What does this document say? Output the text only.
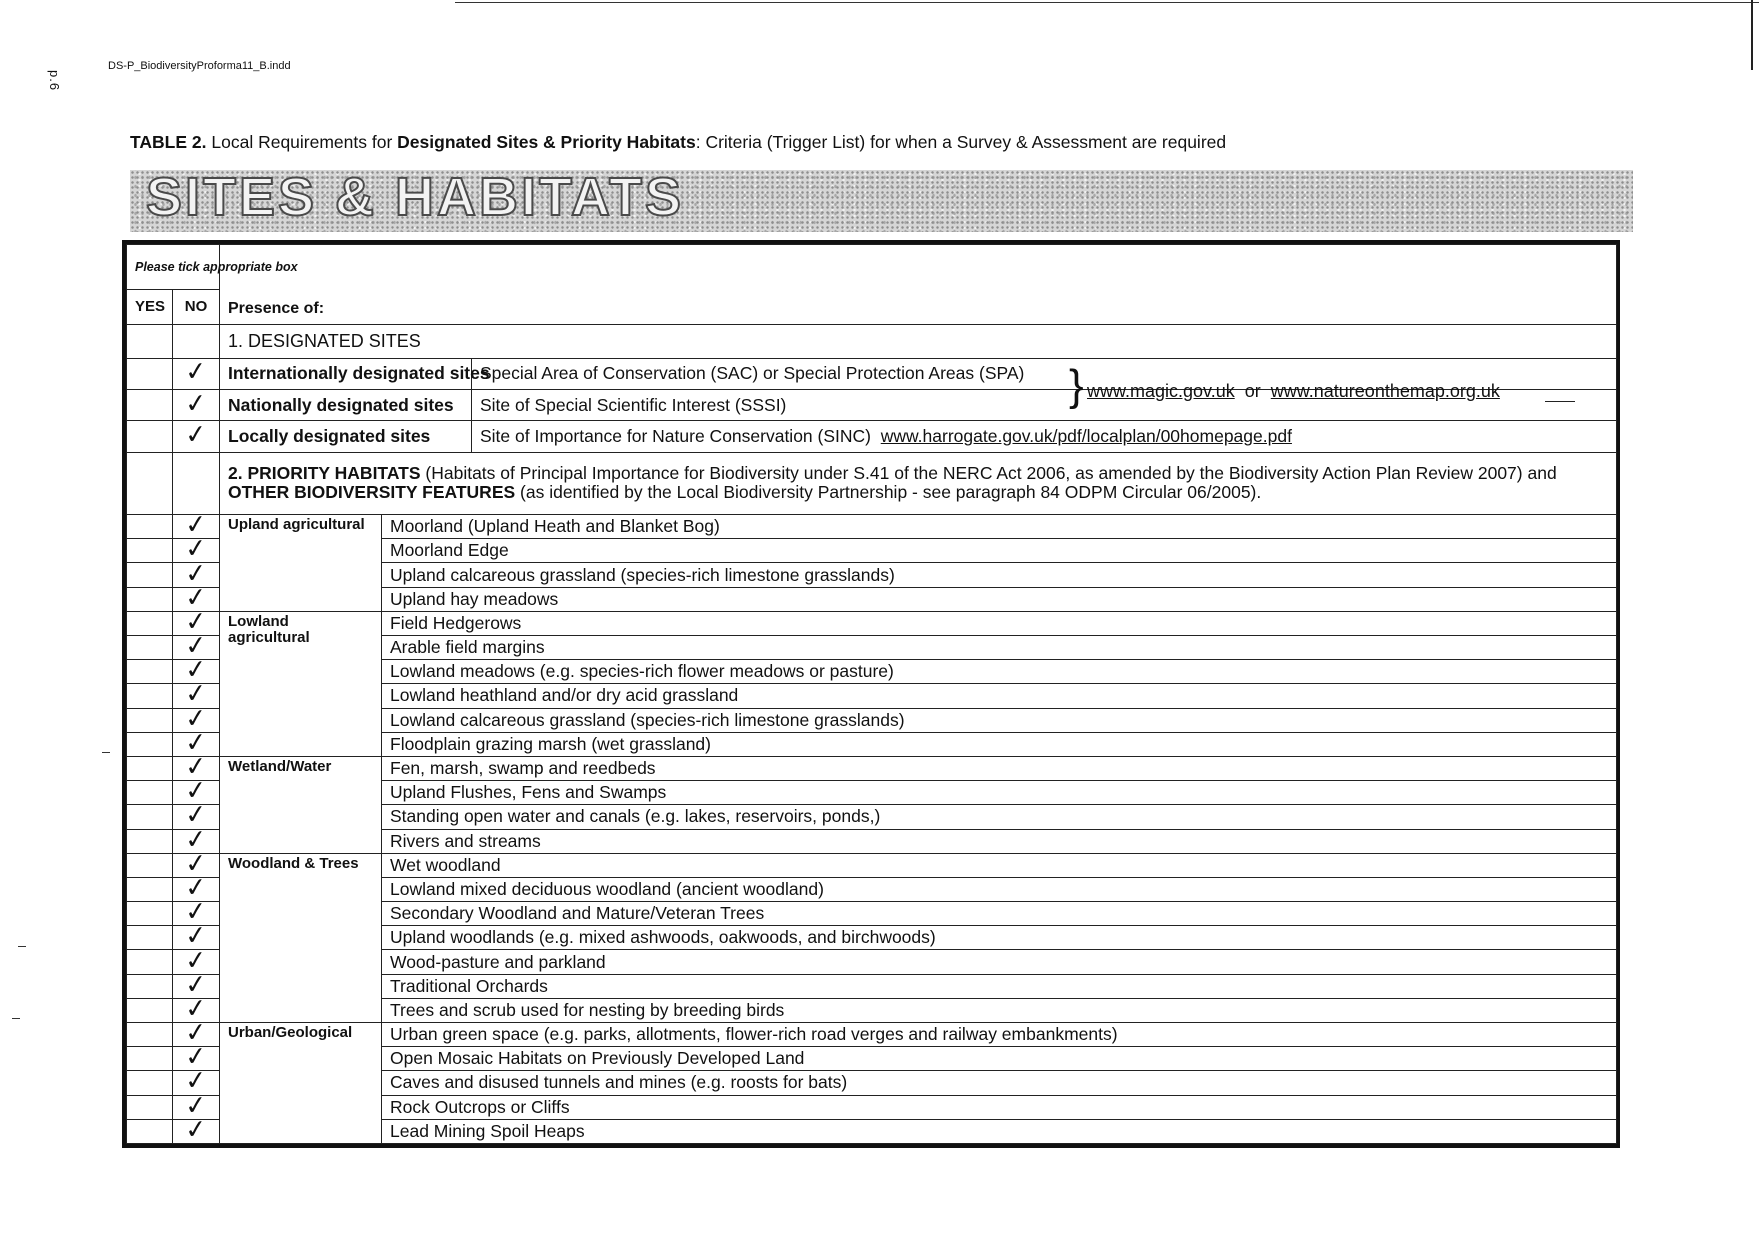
DS-P_BiodiversityProforma11_B.indd
p.6
TABLE 2. Local Requirements for Designated Sites & Priority Habitats: Criteria (Trigger List) for when a Survey & Assessment are required
SITES & HABITATS
Please tick appropriate box		Presence of:		
YES	NO			
		1. DESIGNATED SITES		
	✓	Internationally designated sites		Special Area of Conservation (SAC) or Special Protection Areas (SPA)
	✓	Nationally designated sites		Site of Special Scientific Interest (SSSI)
	✓	Locally designated sites		Site of Importance for Nature Conservation (SINC) www.harrogate.gov.uk/pdf/localplan/00homepage.pdf
		2. PRIORITY HABITATS (Habitats of Principal Importance for Biodiversity under S.41 of the NERC Act 2006, as amended by the Biodiversity Action Plan Review 2007) and OTHER BIODIVERSITY FEATURES (as identified by the Local Biodiversity Partnership - see paragraph 84 ODPM Circular 06/2005).		
	✓	Upland agricultural	Moorland (Upland Heath and Blanket Bog)	
	✓		Moorland Edge	
	✓		Upland calcareous grassland (species-rich limestone grasslands)	
	✓		Upland hay meadows	
	✓	Lowland agricultural	Field Hedgerows	
	✓		Arable field margins	
	✓		Lowland meadows (e.g. species-rich flower meadows or pasture)	
	✓		Lowland heathland and/or dry acid grassland	
	✓		Lowland calcareous grassland (species-rich limestone grasslands)	
	✓		Floodplain grazing marsh (wet grassland)	
	✓	Wetland/Water	Fen, marsh, swamp and reedbeds	
	✓		Upland Flushes, Fens and Swamps	
	✓		Standing open water and canals (e.g. lakes, reservoirs, ponds,)	
	✓		Rivers and streams	
	✓	Woodland & Trees	Wet woodland	
	✓		Lowland mixed deciduous woodland (ancient woodland)	
	✓		Secondary Woodland and Mature/Veteran Trees	
	✓		Upland woodlands (e.g. mixed ashwoods, oakwoods, and birchwoods)	
	✓		Wood-pasture and parkland	
	✓		Traditional Orchards	
	✓		Trees and scrub used for nesting by breeding birds	
	✓	Urban/Geological	Urban green space (e.g. parks, allotments, flower-rich road verges and railway embankments)	
	✓		Open Mosaic Habitats on Previously Developed Land	
	✓		Caves and disused tunnels and mines (e.g. roosts for bats)	
	✓		Rock Outcrops or Cliffs	
	✓		Lead Mining Spoil Heaps	
} www.magic.gov.uk or www.natureonthemap.org.uk
